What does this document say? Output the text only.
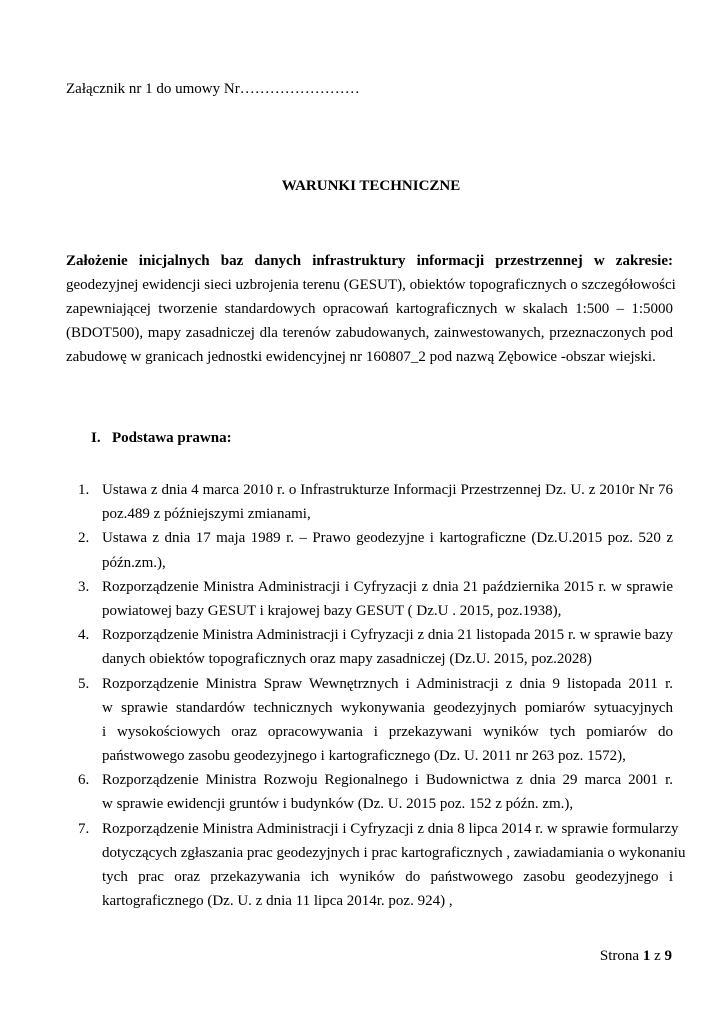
Załącznik nr 1 do umowy Nr……………………
WARUNKI TECHNICZNE
Założenie inicjalnych baz danych infrastruktury informacji przestrzennej w zakresie:
geodezyjnej ewidencji sieci uzbrojenia terenu (GESUT), obiektów topograficznych o szczegółowości
zapewniającej tworzenie standardowych opracowań kartograficznych w skalach 1:500 – 1:5000
(BDOT500), mapy zasadniczej dla terenów zabudowanych, zainwestowanych, przeznaczonych pod
zabudowę w granicach jednostki ewidencyjnej nr 160807_2 pod nazwą Zębowice -obszar wiejski.
I. Podstawa prawna:
1. Ustawa z dnia 4 marca 2010 r. o Infrastrukturze Informacji Przestrzennej Dz. U. z 2010r Nr 76
poz.489 z późniejszymi zmianami,
2. Ustawa z dnia 17 maja 1989 r. – Prawo geodezyjne i kartograficzne (Dz.U.2015 poz. 520 z
późn.zm.),
3. Rozporządzenie Ministra Administracji i Cyfryzacji z dnia 21 października 2015 r. w sprawie
powiatowej bazy GESUT i krajowej bazy GESUT ( Dz.U . 2015, poz.1938),
4. Rozporządzenie Ministra Administracji i Cyfryzacji z dnia 21 listopada 2015 r. w sprawie bazy
danych obiektów topograficznych oraz mapy zasadniczej (Dz.U. 2015, poz.2028)
5. Rozporządzenie Ministra Spraw Wewnętrznych i Administracji z dnia 9 listopada 2011 r.
w sprawie standardów technicznych wykonywania geodezyjnych pomiarów sytuacyjnych
i wysokościowych oraz opracowywania i przekazywani wyników tych pomiarów do
państwowego zasobu geodezyjnego i kartograficznego (Dz. U. 2011 nr 263 poz. 1572),
6. Rozporządzenie Ministra Rozwoju Regionalnego i Budownictwa z dnia 29 marca 2001 r.
w sprawie ewidencji gruntów i budynków (Dz. U. 2015 poz. 152 z późn. zm.),
7. Rozporządzenie Ministra Administracji i Cyfryzacji z dnia 8 lipca 2014 r. w sprawie formularzy
dotyczących zgłaszania prac geodezyjnych i prac kartograficznych , zawiadamiania o wykonaniu
tych prac oraz przekazywania ich wyników do państwowego zasobu geodezyjnego i
kartograficznego (Dz. U. z dnia 11 lipca 2014r. poz. 924) ,
Strona 1 z 9
